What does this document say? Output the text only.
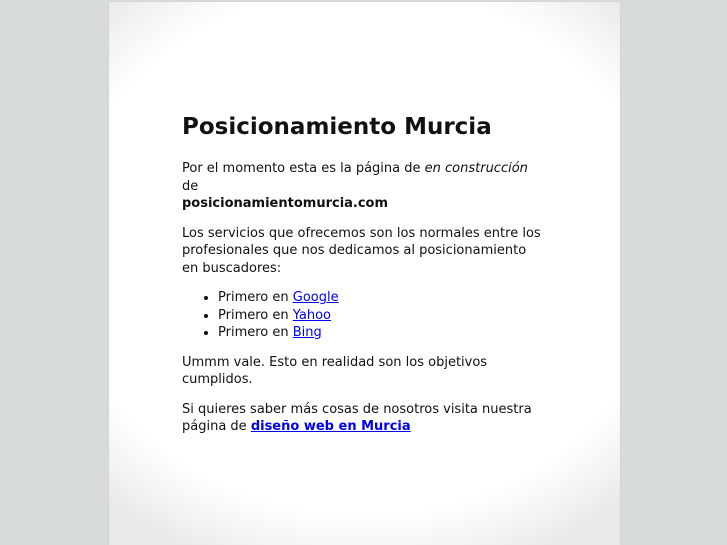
Posicionamiento Murcia

Por el momento esta es la página de en construcción de
posicionamientomurcia.com

Los servicios que ofrecemos son los normales entre los profesionales que nos dedicamos al posicionamiento en buscadores:

• Primero en Google
• Primero en Yahoo
• Primero en Bing

Ummm vale. Esto en realidad son los objetivos cumplidos.

Si quieres saber más cosas de nosotros visita nuestra página de diseño web en Murcia
